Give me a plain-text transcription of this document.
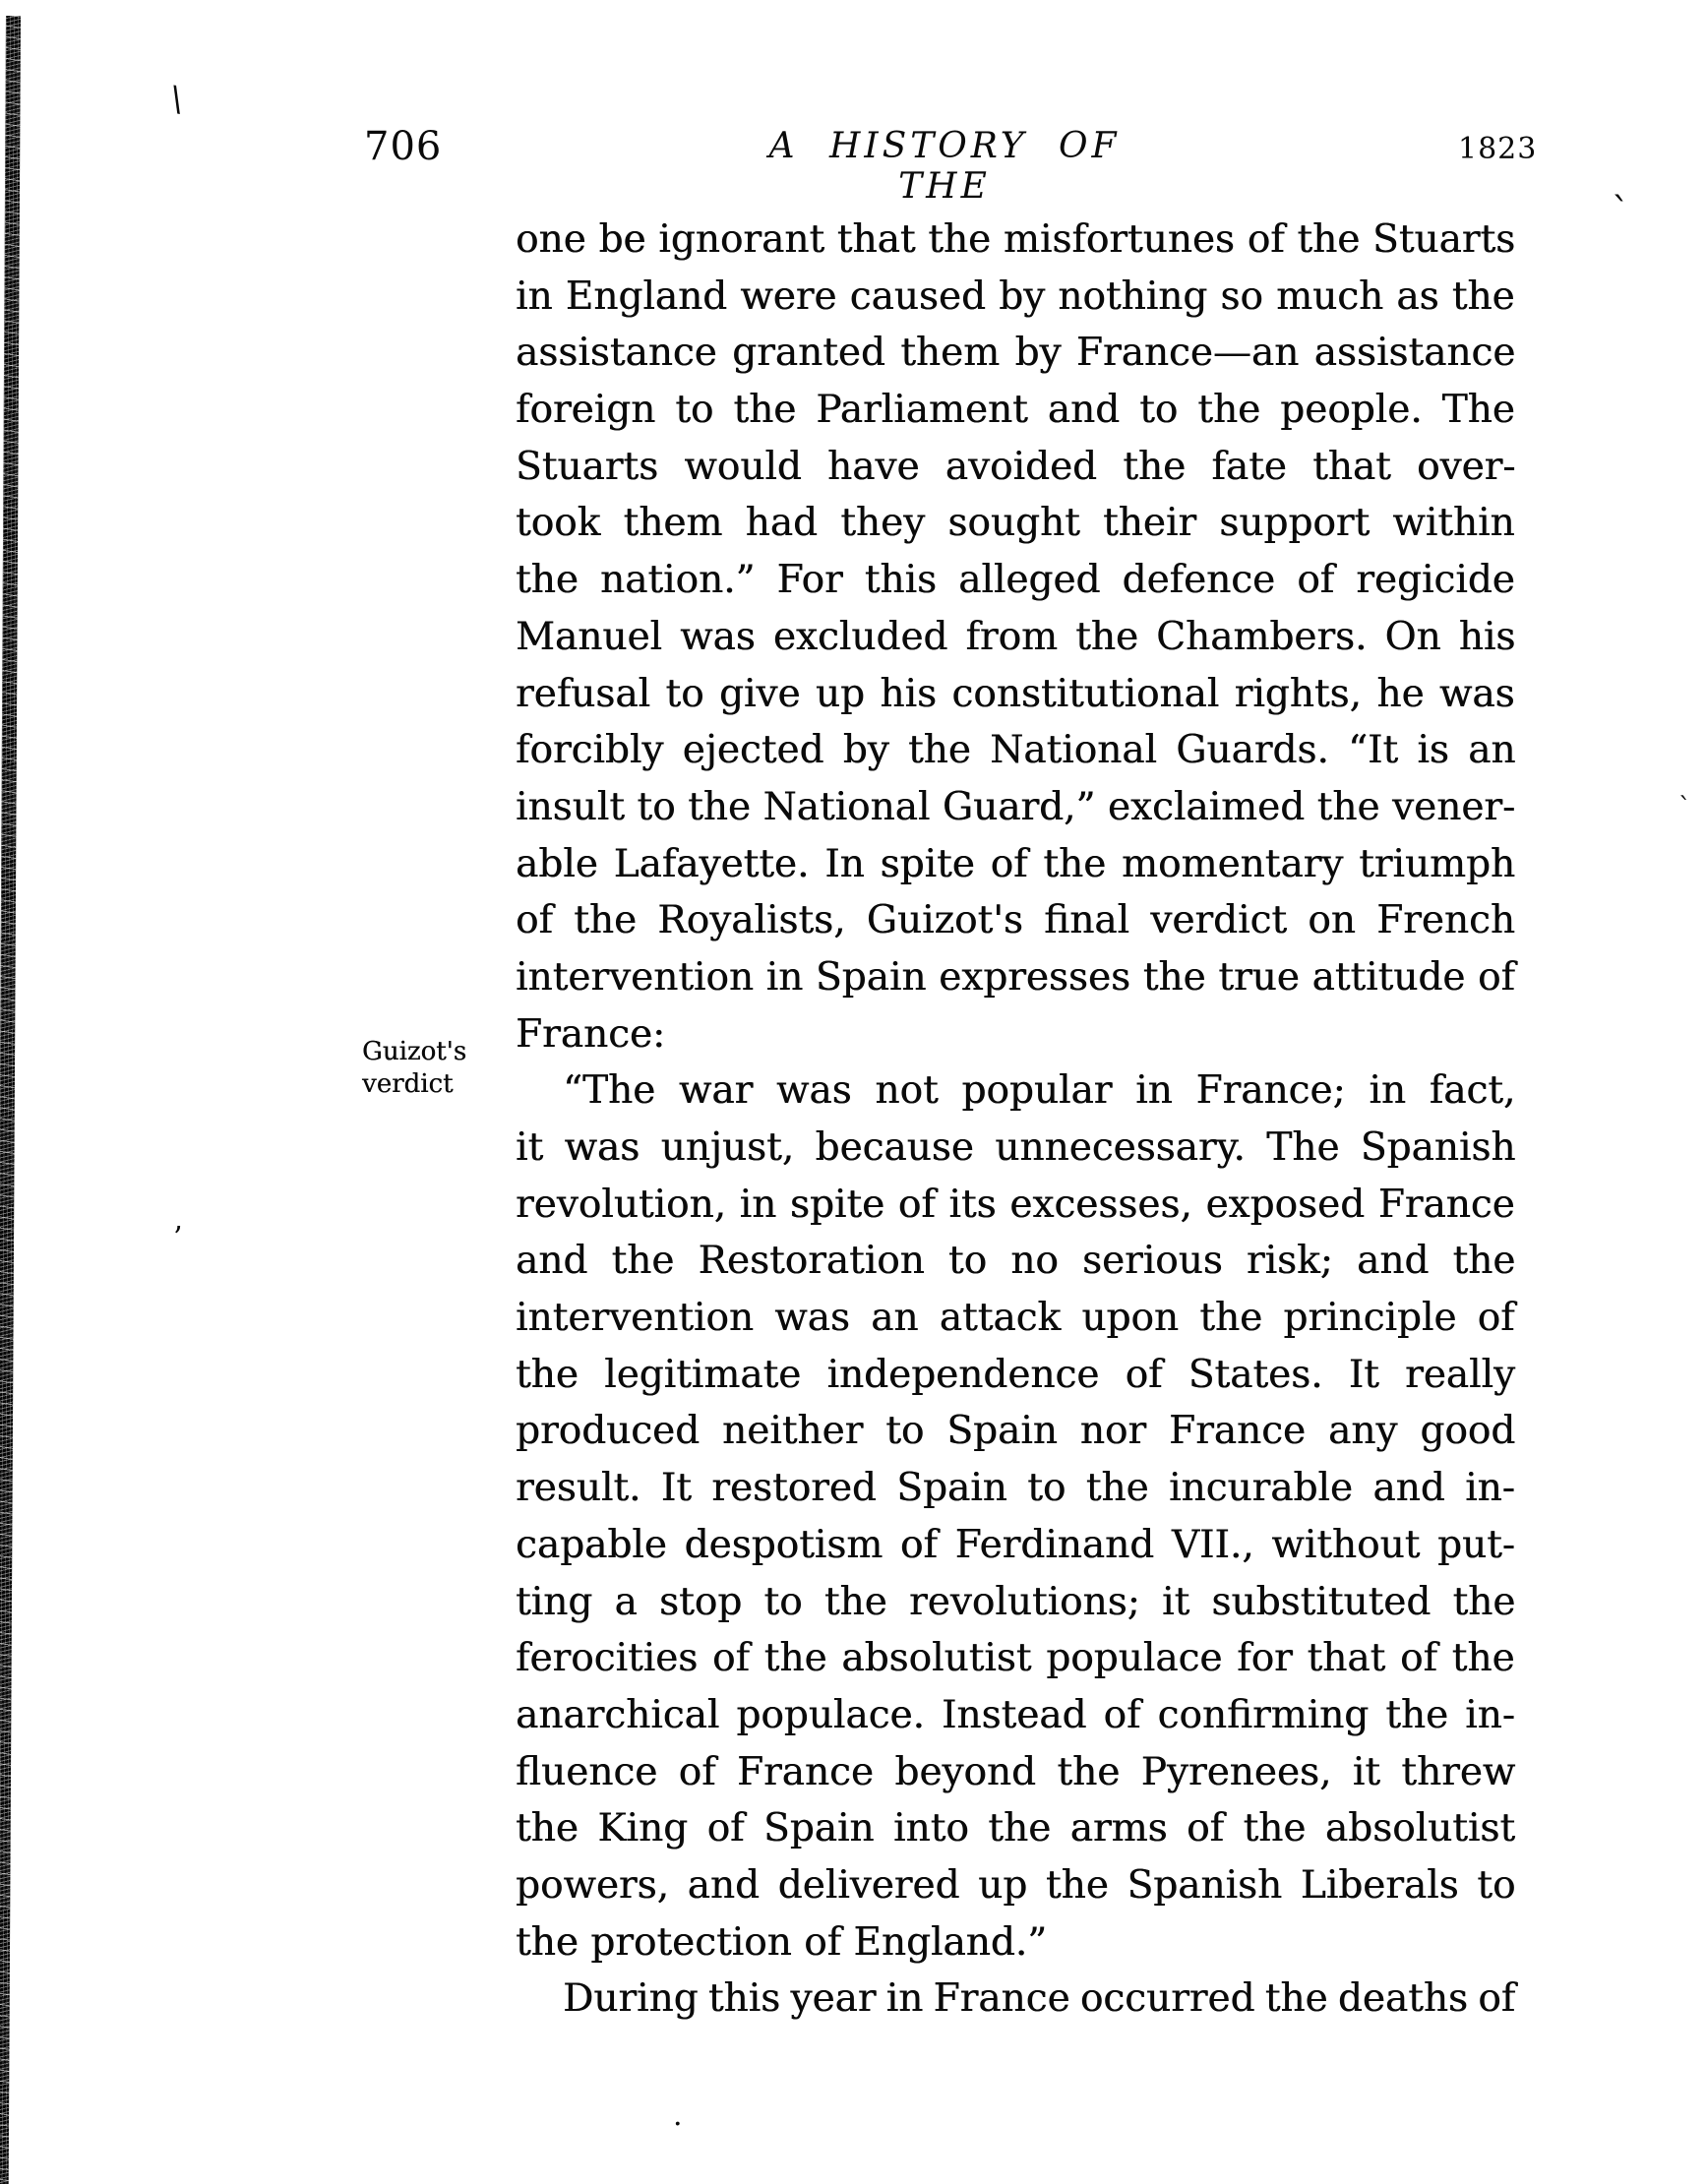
706	A HISTORY OF THE
1823
Guizot's
verdict
one be ignorant that the misfortunes of the Stuarts
in England were caused by nothing so much as the
assistance granted them by France—an assistance
foreign to the Parliament and to the people. The
Stuarts would have avoided the fate that over-
took them had they sought their support within
the nation.” For this alleged defence of regicide
Manuel was excluded from the Chambers. On his
refusal to give up his constitutional rights, he was
forcibly ejected by the National Guards. “It is an
insult to the National Guard,” exclaimed the vener-
able Lafayette. In spite of the momentary triumph
of the Royalists, Guizot's final verdict on French
intervention in Spain expresses the true attitude of
France:
“The war was not popular in France; in fact,
it was unjust, because unnecessary. The Spanish
revolution, in spite of its excesses, exposed France
and the Restoration to no serious risk; and the
intervention was an attack upon the principle of
the legitimate independence of States. It really
produced neither to Spain nor France any good
result. It restored Spain to the incurable and in-
capable despotism of Ferdinand VII., without put-
ting a stop to the revolutions; it substituted the
ferocities of the absolutist populace for that of the
anarchical populace. Instead of confirming the in-
fluence of France beyond the Pyrenees, it threw
the King of Spain into the arms of the absolutist
powers, and delivered up the Spanish Liberals to
the protection of England.”
During this year in France occurred the deaths of
\
`
’
.
ˋ
